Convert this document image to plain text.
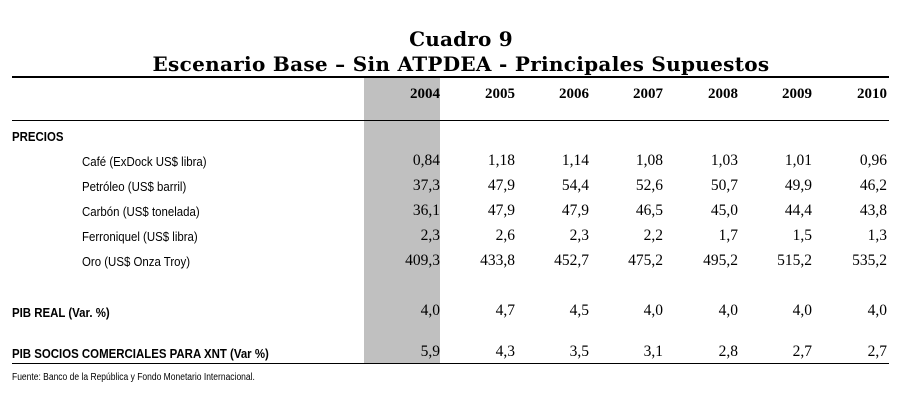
Cuadro 9
Escenario Base – Sin ATPDEA - Principales Supuestos
2004	2005	2006	2007	2008	2009	2010
PRECIOS
Café (ExDock US$ libra)	0,84	1,18	1,14	1,08	1,03	1,01	0,96
Petróleo (US$ barril)	37,3	47,9	54,4	52,6	50,7	49,9	46,2
Carbón (US$ tonelada)	36,1	47,9	47,9	46,5	45,0	44,4	43,8
Ferroniquel (US$ libra)	2,3	2,6	2,3	2,2	1,7	1,5	1,3
Oro (US$ Onza Troy)	409,3	433,8	452,7	475,2	495,2	515,2	535,2
PIB REAL (Var. %)	4,0	4,7	4,5	4,0	4,0	4,0	4,0
PIB SOCIOS COMERCIALES PARA XNT (Var %)	5,9	4,3	3,5	3,1	2,8	2,7	2,7
Fuente: Banco de la República y Fondo Monetario Internacional.
